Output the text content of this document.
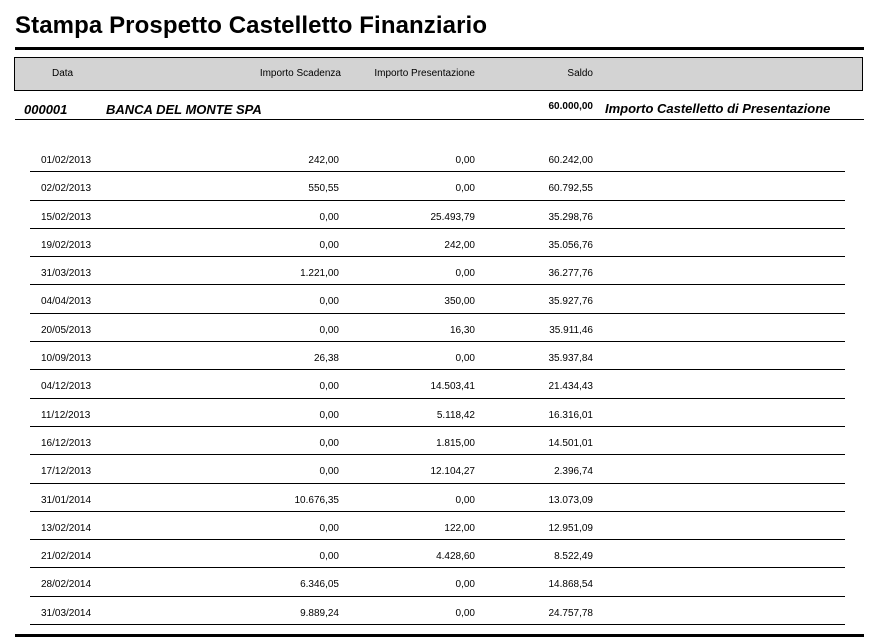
Stampa Prospetto Castelletto Finanziario
Data	Importo Scadenza	Importo Presentazione	Saldo
000001	BANCA DEL MONTE SPA	60.000,00 Importo Castelletto di Presentazione
01/02/2013	242,00	0,00	60.242,00
02/02/2013	550,55	0,00	60.792,55
15/02/2013	0,00	25.493,79	35.298,76
19/02/2013	0,00	242,00	35.056,76
31/03/2013	1.221,00	0,00	36.277,76
04/04/2013	0,00	350,00	35.927,76
20/05/2013	0,00	16,30	35.911,46
10/09/2013	26,38	0,00	35.937,84
04/12/2013	0,00	14.503,41	21.434,43
11/12/2013	0,00	5.118,42	16.316,01
16/12/2013	0,00	1.815,00	14.501,01
17/12/2013	0,00	12.104,27	2.396,74
31/01/2014	10.676,35	0,00	13.073,09
13/02/2014	0,00	122,00	12.951,09
21/02/2014	0,00	4.428,60	8.522,49
28/02/2014	6.346,05	0,00	14.868,54
31/03/2014	9.889,24	0,00	24.757,78
